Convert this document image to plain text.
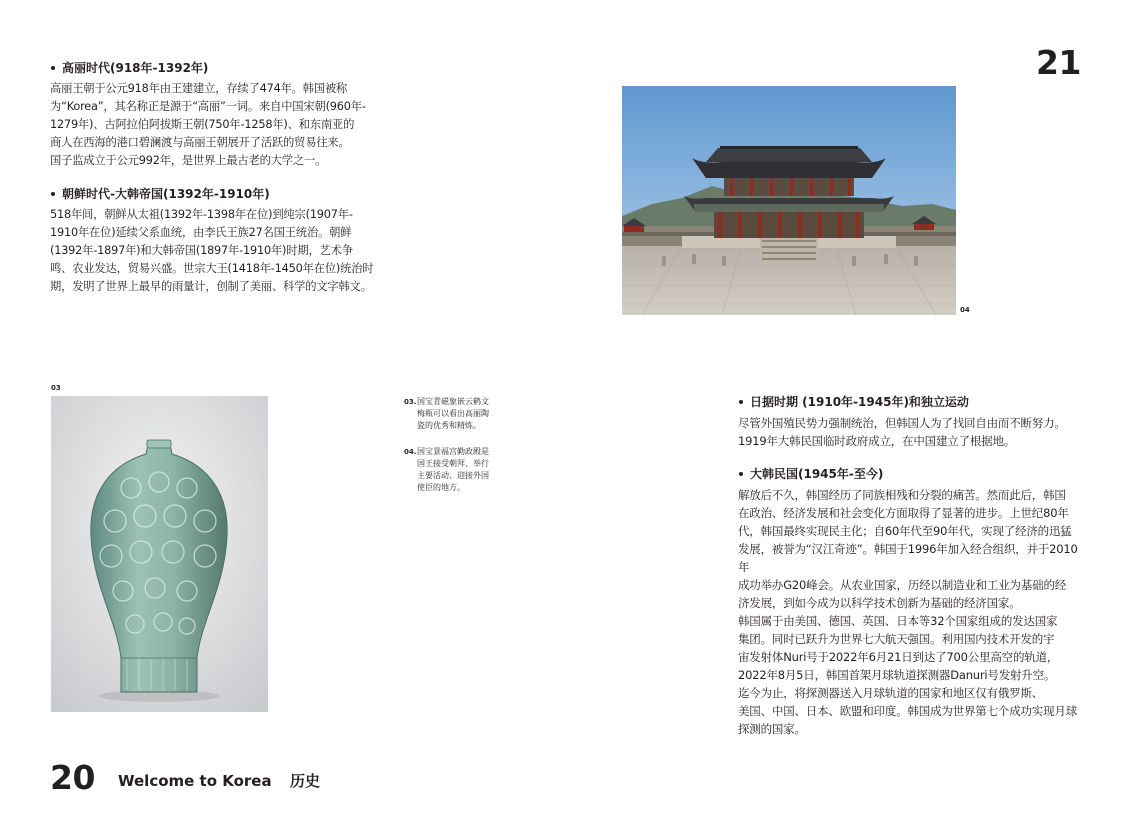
高丽时代(918年-1392年)

高丽王朝于公元918年由王建建立，存续了474年。韩国被称
为“Korea”，其名称正是源于“高丽”一词。来自中国宋朝(960年-
1279年)、古阿拉伯阿拔斯王朝(750年-1258年)、和东南亚的
商人在西海的港口碧澜渡与高丽王朝展开了活跃的贸易往来。
国子监成立于公元992年，是世界上最古老的大学之一。

朝鲜时代-大韩帝国(1392年-1910年)

518年间，朝鲜从太祖(1392年-1398年在位)到纯宗(1907年-
1910年在位)延续父系血统，由李氏王族27名国王统治。朝鲜
(1392年-1897年)和大韩帝国(1897年-1910年)时期，艺术争
鸣、农业发达，贸易兴盛。世宗大王(1418年-1450年在位)统治时
期，发明了世界上最早的雨量计，创制了美丽、科学的文字韩文。

03
03. 国宝青磁象嵌云鹤文
梅瓶可以看出高丽陶
瓷的优秀和精炼。
04. 国宝景福宫勤政殿是
国王接受朝拜、举行
主要活动、迎接外国
使臣的地方。
20 Welcome to Korea 历史
21
04
日据时期 (1910年-1945年)和独立运动

尽管外国殖民势力强制统治，但韩国人为了找回自由而不断努力。
1919年大韩民国临时政府成立，在中国建立了根据地。

大韩民国(1945年-至今)

解放后不久，韩国经历了同族相残和分裂的痛苦。然而此后，韩国
在政治、经济发展和社会变化方面取得了显著的进步。上世纪80年
代，韩国最终实现民主化；自60年代至90年代，实现了经济的迅猛
发展，被誉为“汉江奇迹”。韩国于1996年加入经合组织，并于2010年
成功举办G20峰会。从农业国家，历经以制造业和工业为基础的经
济发展，到如今成为以科学技术创新为基础的经济国家。
韩国属于由美国、德国、英国、日本等32个国家组成的发达国家
集团。同时已跃升为世界七大航天强国。利用国内技术开发的宇
宙发射体Nuri号于2022年6月21日到达了700公里高空的轨道，
2022年8月5日，韩国首架月球轨道探测器Danuri号发射升空。
迄今为止，将探测器送入月球轨道的国家和地区仅有俄罗斯、
美国、中国、日本、欧盟和印度。韩国成为世界第七个成功实现月球
探测的国家。
